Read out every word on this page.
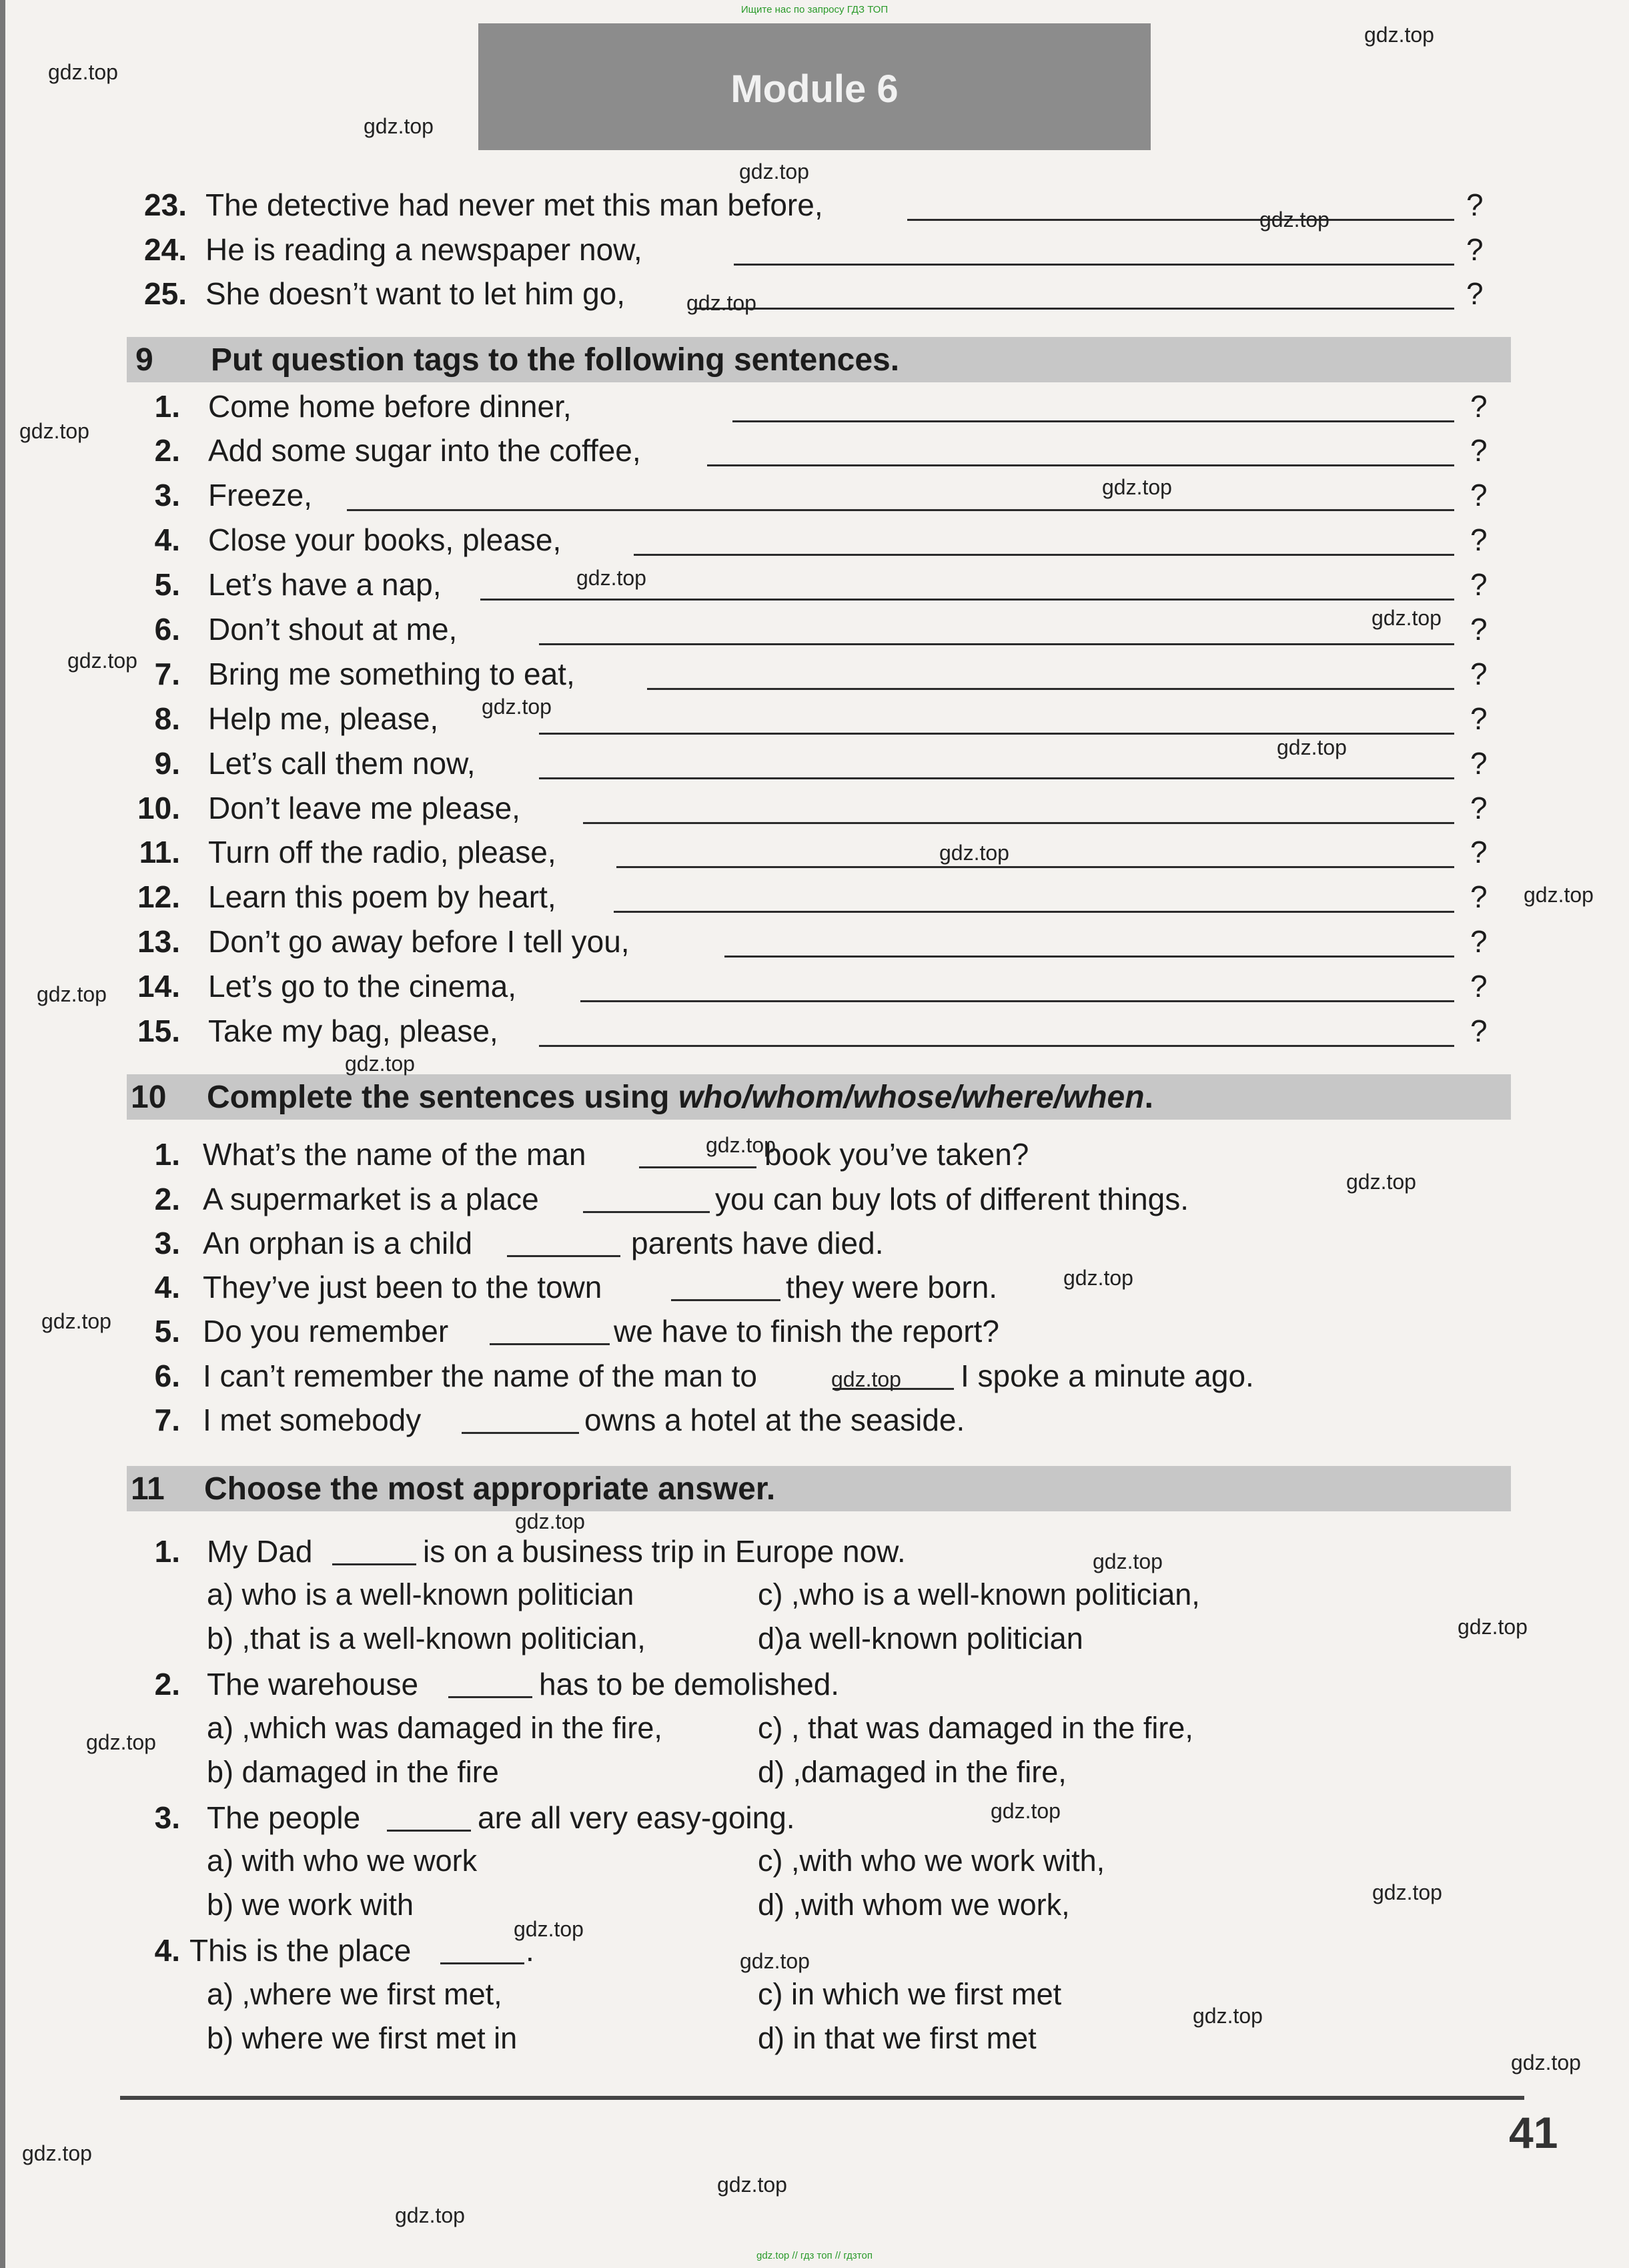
Ищите нас по запросу ГДЗ ТОП
Module 6
23. The detective had never met this man before,	?
24. He is reading a newspaper now,	?
25. She doesn’t want to let him go,	?
9 Put question tags to the following sentences.
1. Come home before dinner,	?
2. Add some sugar into the coffee,	?
3. Freeze,	?
4. Close your books, please,	?
5. Let’s have a nap,	?
6. Don’t shout at me,	?
7. Bring me something to eat,	?
8. Help me, please,	?
9. Let’s call them now,	?
10. Don’t leave me please,	?
11. Turn off the radio, please,	?
12. Learn this poem by heart,	?
13. Don’t go away before I tell you,	?
14. Let’s go to the cinema,	?
15. Take my bag, please,	?
10 Complete the sentences using who/whom/whose/where/when.
1. What’s the name of the man	book you’ve taken?
2. A supermarket is a place	you can buy lots of different things.
3. An orphan is a child	parents have died.
4. They’ve just been to the town	they were born.
5. Do you remember	we have to finish the report?
6. I can’t remember the name of the man to	I spoke a minute ago.
7. I met somebody	owns a hotel at the seaside.
11 Choose the most appropriate answer.
1. My Dad	is on a business trip in Europe now.
a) who is a well-known politician	c) ,who is a well-known politician,
b) ,that is a well-known politician,	d)a well-known politician
2. The warehouse	has to be demolished.
a) ,which was damaged in the fire,	c) , that was damaged in the fire,
b) damaged in the fire	d) ,damaged in the fire,
3. The people	are all very easy-going.
a) with who we work	c) ,with who we work with,
b) we work with	d) ,with whom we work,
4. This is the place	.
a) ,where we first met,	c) in which we first met
b) where we first met in	d) in that we first met
41
gdz.top
gdz.top
gdz.top
gdz.top
gdz.top
gdz.top
gdz.top
gdz.top
gdz.top
gdz.top
gdz.top
gdz.top
gdz.top
gdz.top
gdz.top
gdz.top
gdz.top
gdz.top
gdz.top
gdz.top
gdz.top
gdz.top
gdz.top
gdz.top
gdz.top
gdz.top
gdz.top
gdz.top
gdz.top
gdz.top
gdz.top
gdz.top
gdz.top
gdz.top
gdz.top
gdz.top // гдз топ // гдзтоп
